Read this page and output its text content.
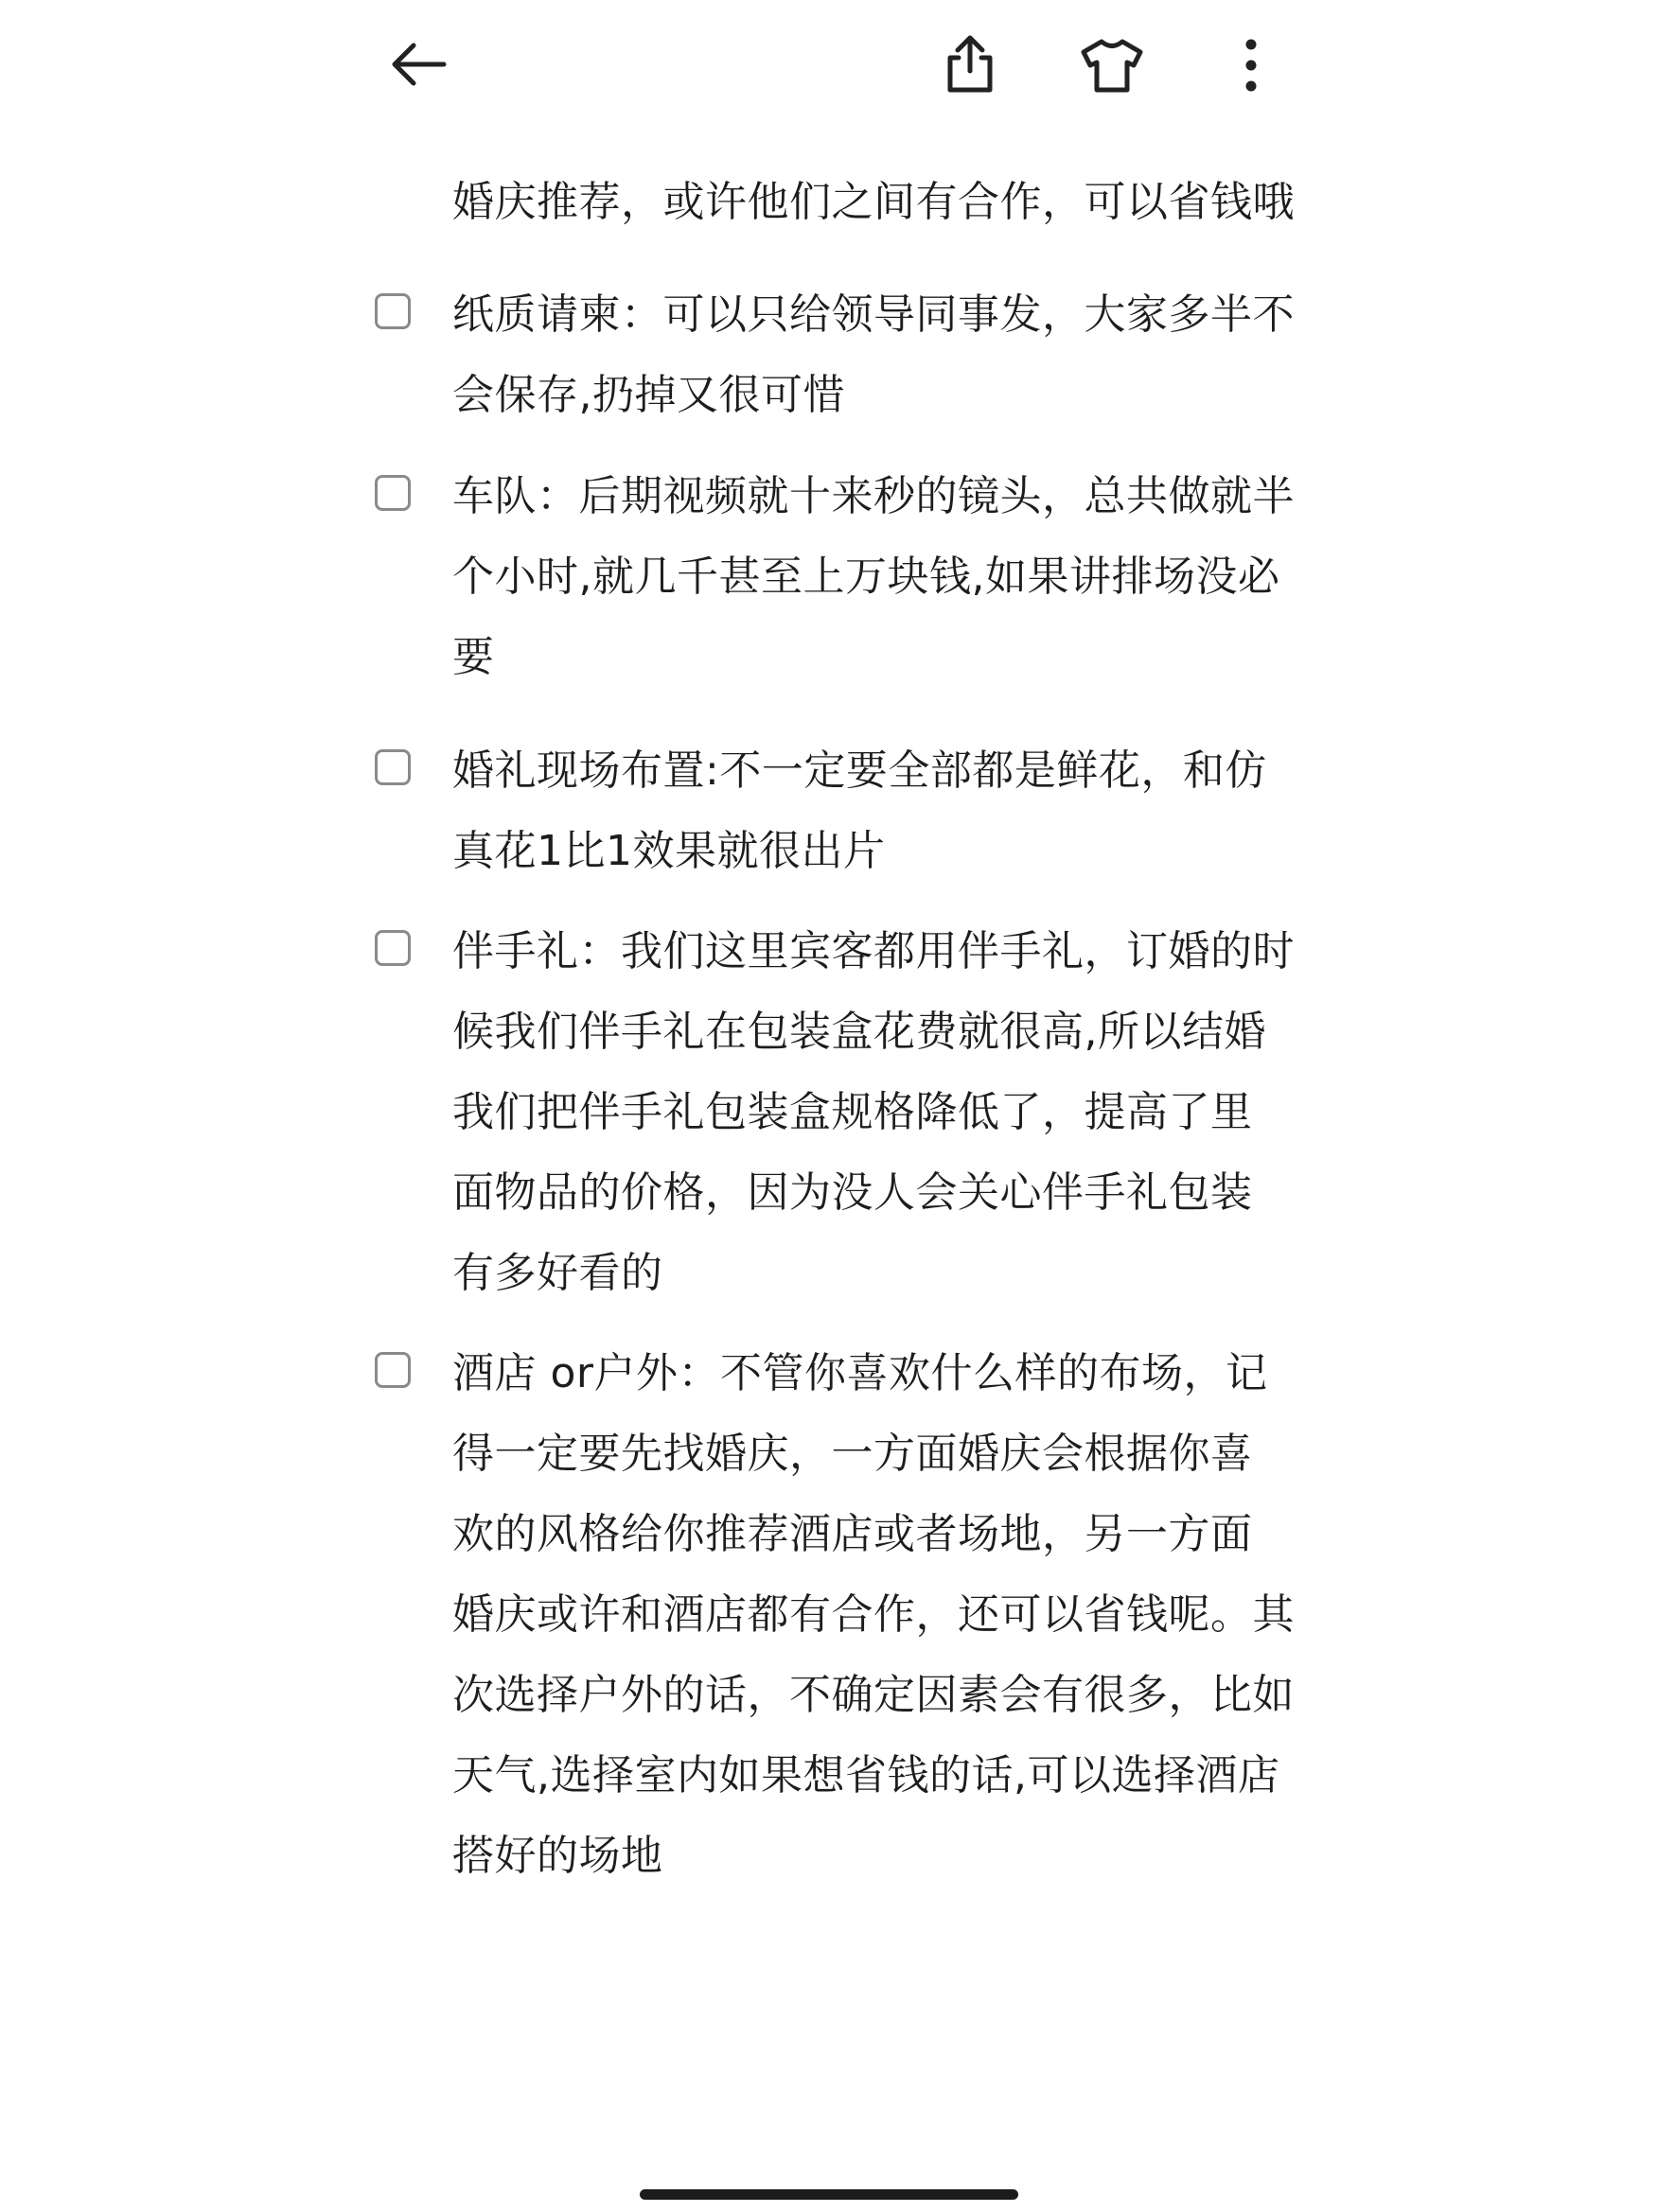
婚庆推荐，或许他们之间有合作，可以省钱哦
纸质请柬：可以只给领导同事发，大家多半不
会保存,扔掉又很可惜
车队：后期视频就十来秒的镜头，总共做就半
个小时,就几千甚至上万块钱,如果讲排场没必
要
婚礼现场布置:不一定要全部都是鲜花，和仿
真花1比1效果就很出片
伴手礼：我们这里宾客都用伴手礼，订婚的时
候我们伴手礼在包装盒花费就很高,所以结婚
我们把伴手礼包装盒规格降低了，提高了里
面物品的价格，因为没人会关心伴手礼包装
有多好看的
酒店 or户外：不管你喜欢什么样的布场，记
得一定要先找婚庆，一方面婚庆会根据你喜
欢的风格给你推荐酒店或者场地，另一方面
婚庆或许和酒店都有合作，还可以省钱呢。其
次选择户外的话，不确定因素会有很多，比如
天气,选择室内如果想省钱的话,可以选择酒店
搭好的场地
